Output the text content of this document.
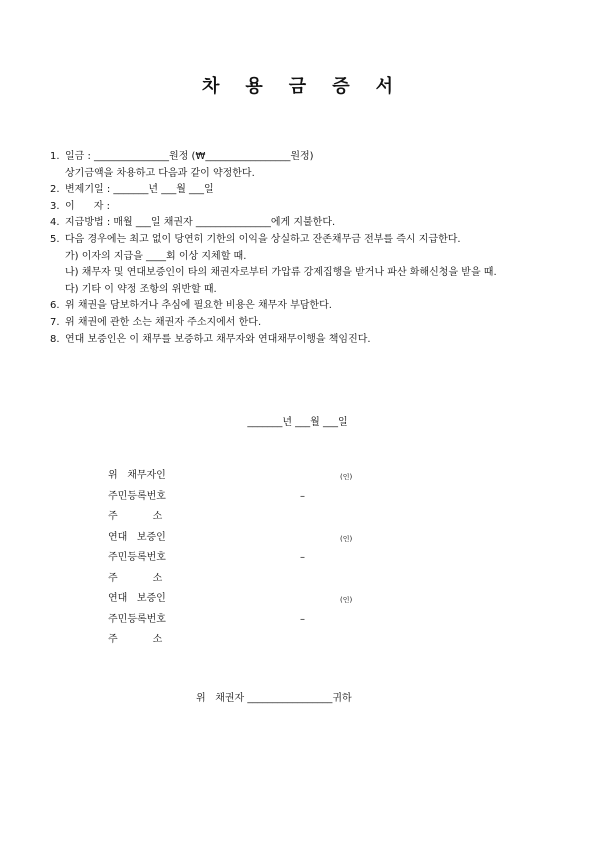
차 용 금 증 서
1. 일금 : _______________원정 (₩_________________원정)
상기금액을 차용하고 다음과 같이 약정한다.
2. 변제기일 : _______년 ___월 ___일
3. 이      자 :
4. 지급방법 : 매월 ___일 채권자 _______________에게 지불한다.
5. 다음 경우에는 최고 없이 당연히 기한의 이익을 상실하고 잔존채무금 전부를 즉시 지급한다.
가) 이자의 지급을 ____회 이상 지체할 때.
나) 채무자 및 연대보증인이 타의 채권자로부터 가압류 강제집행을 받거나 파산 화해신청을 받을 때.
다) 기타 이 약정 조항의 위반할 때.
6. 위 채권을 담보하거나 추심에 필요한 비용은 채무자 부담한다.
7. 위 채권에 관한 소는 채권자 주소지에서 한다.
8. 연대 보증인은 이 채무를 보증하고 채무자와 연대채무이행을 책임진다.
_______년 ___월 ___일
위   채무자인	(인)
주민등록번호	–
주           소
연대   보증인	(인)
주민등록번호	–
주           소
연대   보증인	(인)
주민등록번호	–
주           소
위   채권자 _________________귀하
